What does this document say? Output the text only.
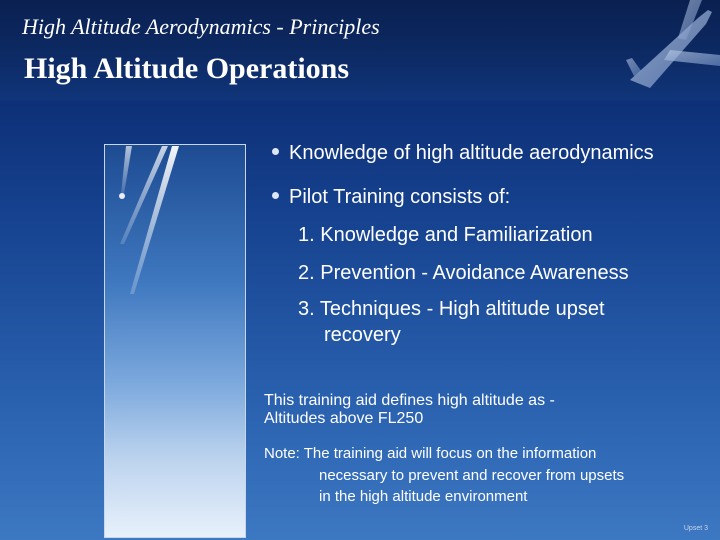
High Altitude Aerodynamics - Principles
High Altitude Operations
Knowledge of high altitude aerodynamics
Pilot Training consists of:
1. Knowledge and Familiarization
2. Prevention - Avoidance Awareness
3. Techniques - High altitude upset
recovery
This training aid defines high altitude as -
Altitudes above FL250
Note: The training aid will focus on the information
necessary to prevent and recover from upsets
in the high altitude environment
Upset 3
